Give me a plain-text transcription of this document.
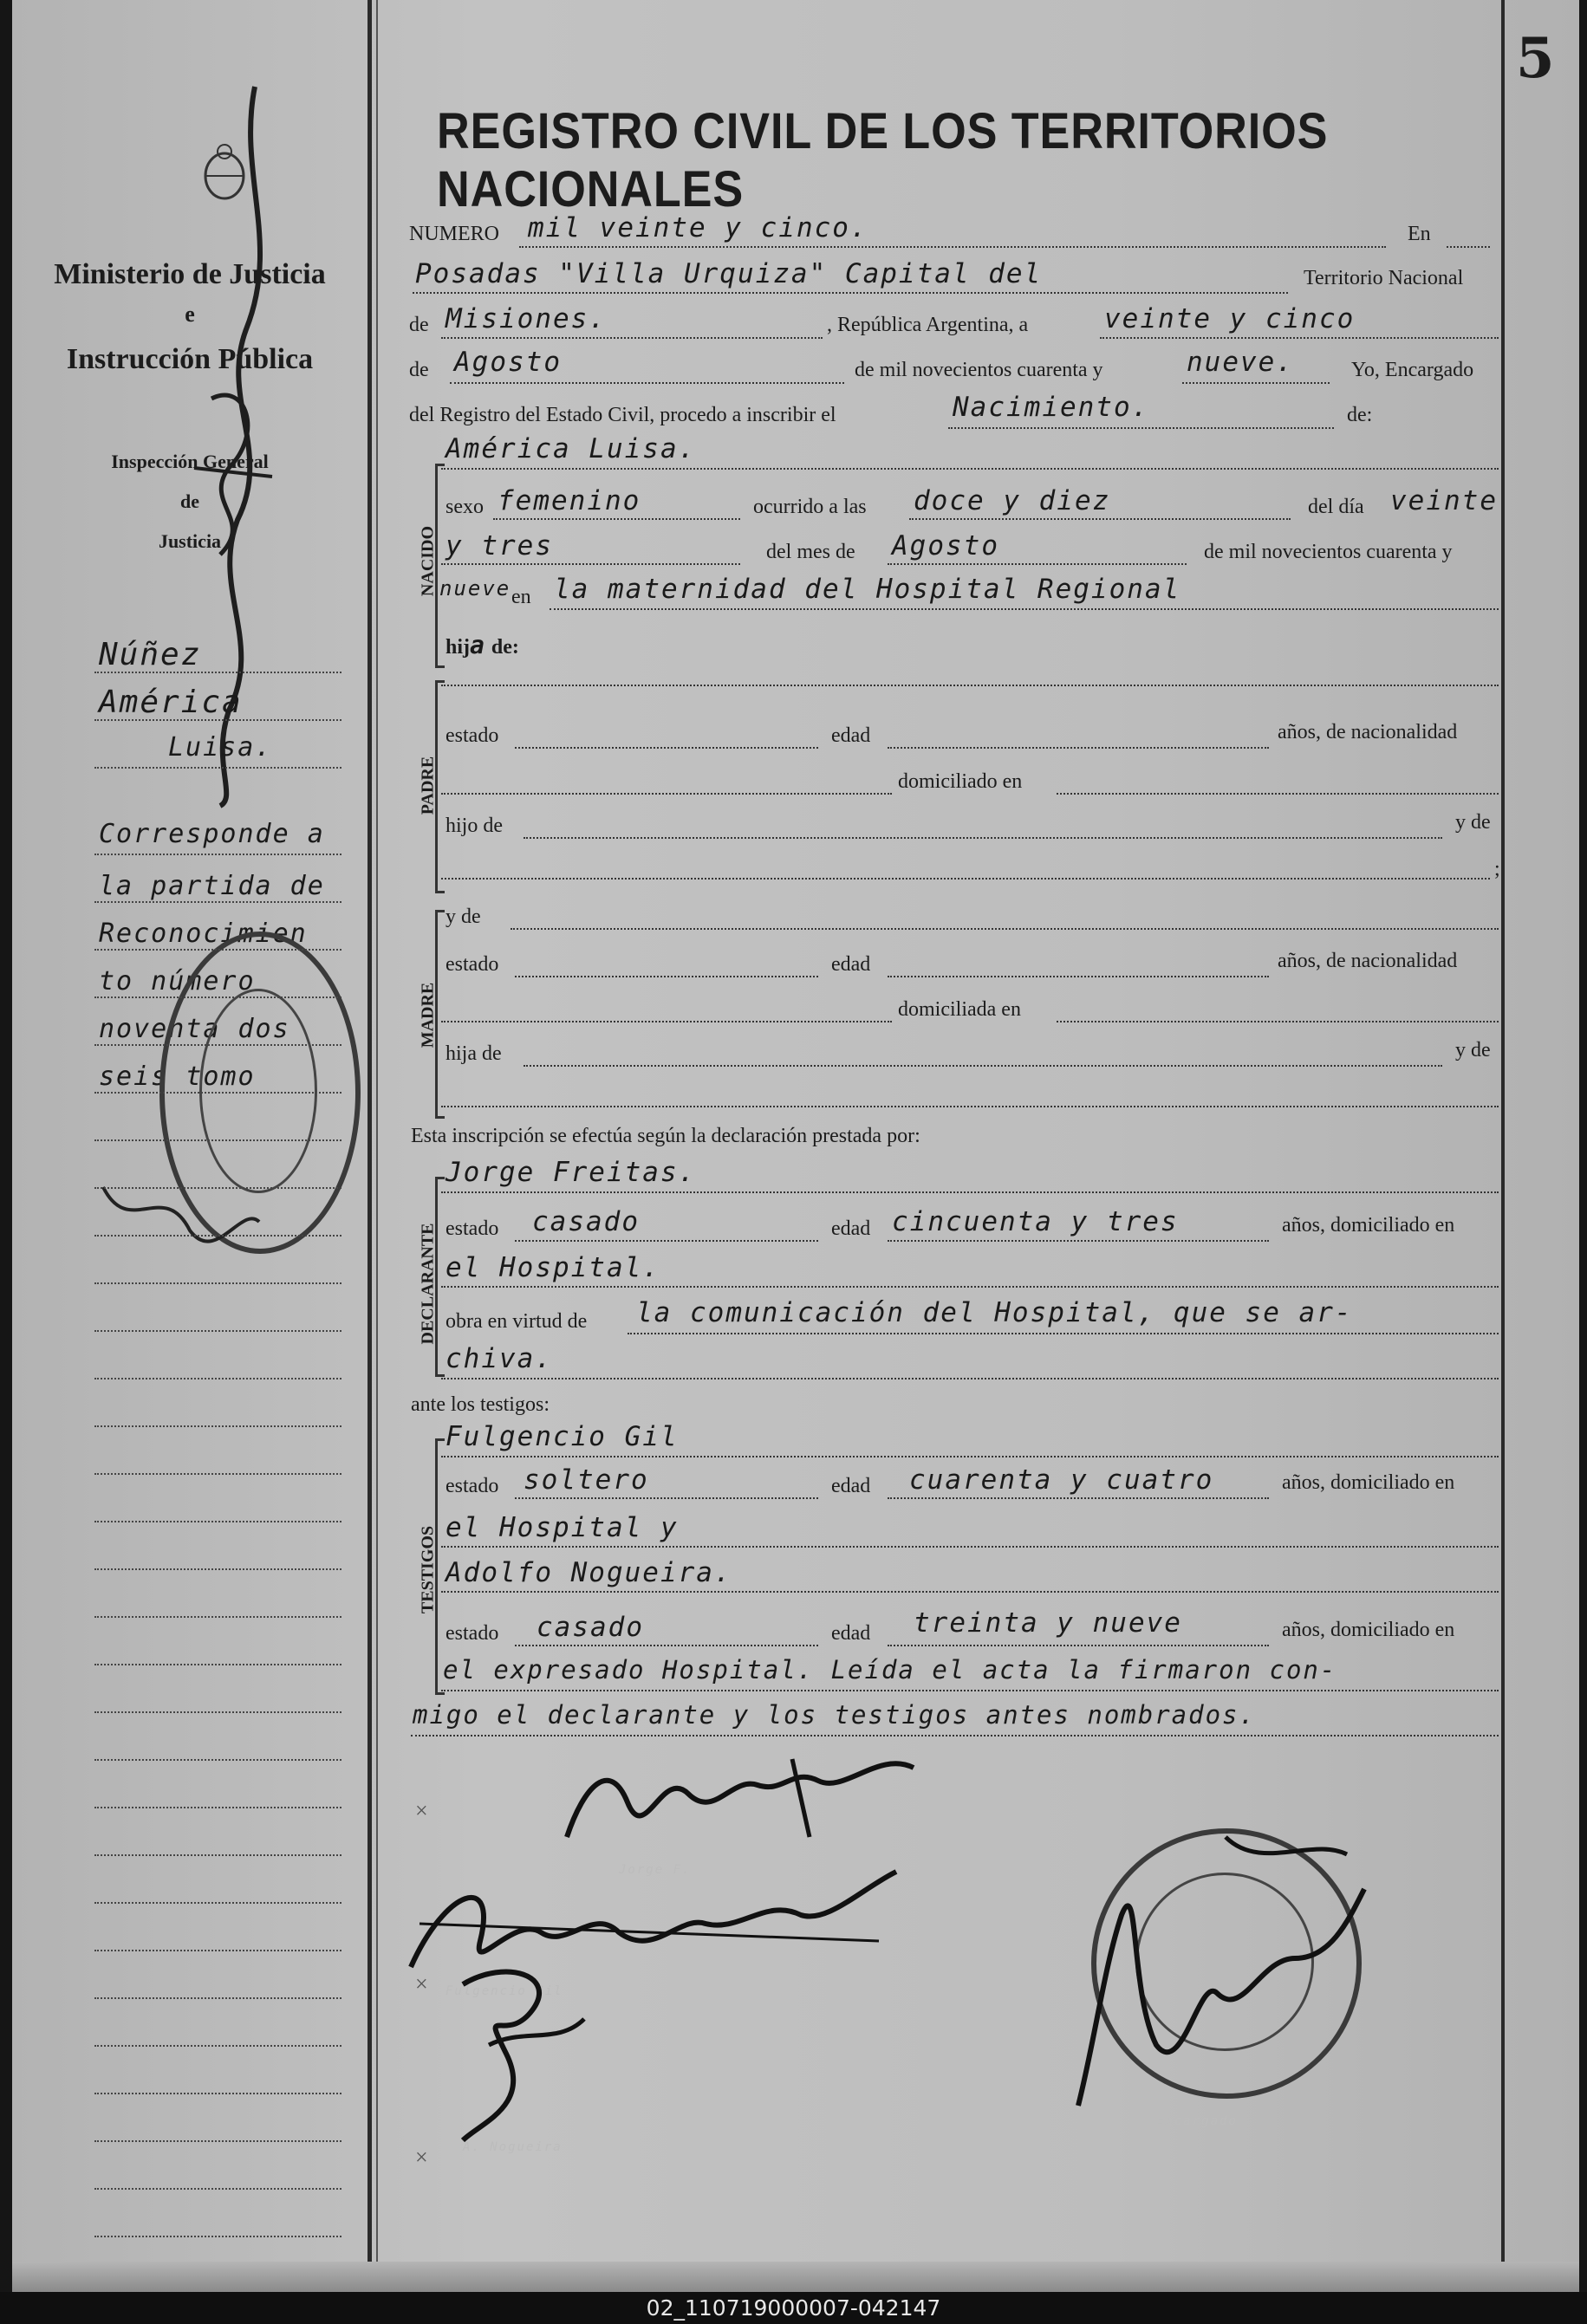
Ministerio de Justicia
e
Instrucción Pública
Inspección General
de
Justicia
Núñez
América
Luisa.
Corresponde a
la partida de
Reconocimien
to número
noventa dos
seis tomo
5
REGISTRO CIVIL DE LOS TERRITORIOS NACIONALES
NUMERO mil veinte y cinco.	En
Posadas "Villa Urquiza" Capital del	Territorio Nacional
de Misiones.	, República Argentina, a	veinte y cinco
de Agosto	de mil novecientos cuarenta y	nueve.	Yo, Encargado
del Registro del Estado Civil, procedo a inscribir el	Nacimiento.	de:
NACIDO
América Luisa.
sexo femenino	ocurrido a las doce y diez	del día veinte
y tres	del mes de Agosto	de mil novecientos cuarenta y
nueve en la maternidad del Hospital Regional
hija de:
PADRE
estado	edad	años, de nacionalidad
domiciliado en
hijo de	y de
;
MADRE
y de
estado	edad	años, de nacionalidad
domiciliada en
hija de	y de
Esta inscripción se efectúa según la declaración prestada por:
DECLARANTE
Jorge Freitas.
estado casado	edad cincuenta y tres	años, domiciliado en
el Hospital.
obra en virtud de la comunicación del Hospital, que se ar-
chiva.
ante los testigos:
TESTIGOS
Fulgencio Gil
estado soltero	edad cuarenta y cuatro	años, domiciliado en
el Hospital y
Adolfo Nogueira.
estado casado	edad treinta y nueve	años, domiciliado en
el expresado Hospital. Leída el acta la firmaron con-
migo el declarante y los testigos antes nombrados.
×
×
×
Jorge F.
Fulgencio Gil
A. Nogueira
Encargado
02_110719000007-042147
